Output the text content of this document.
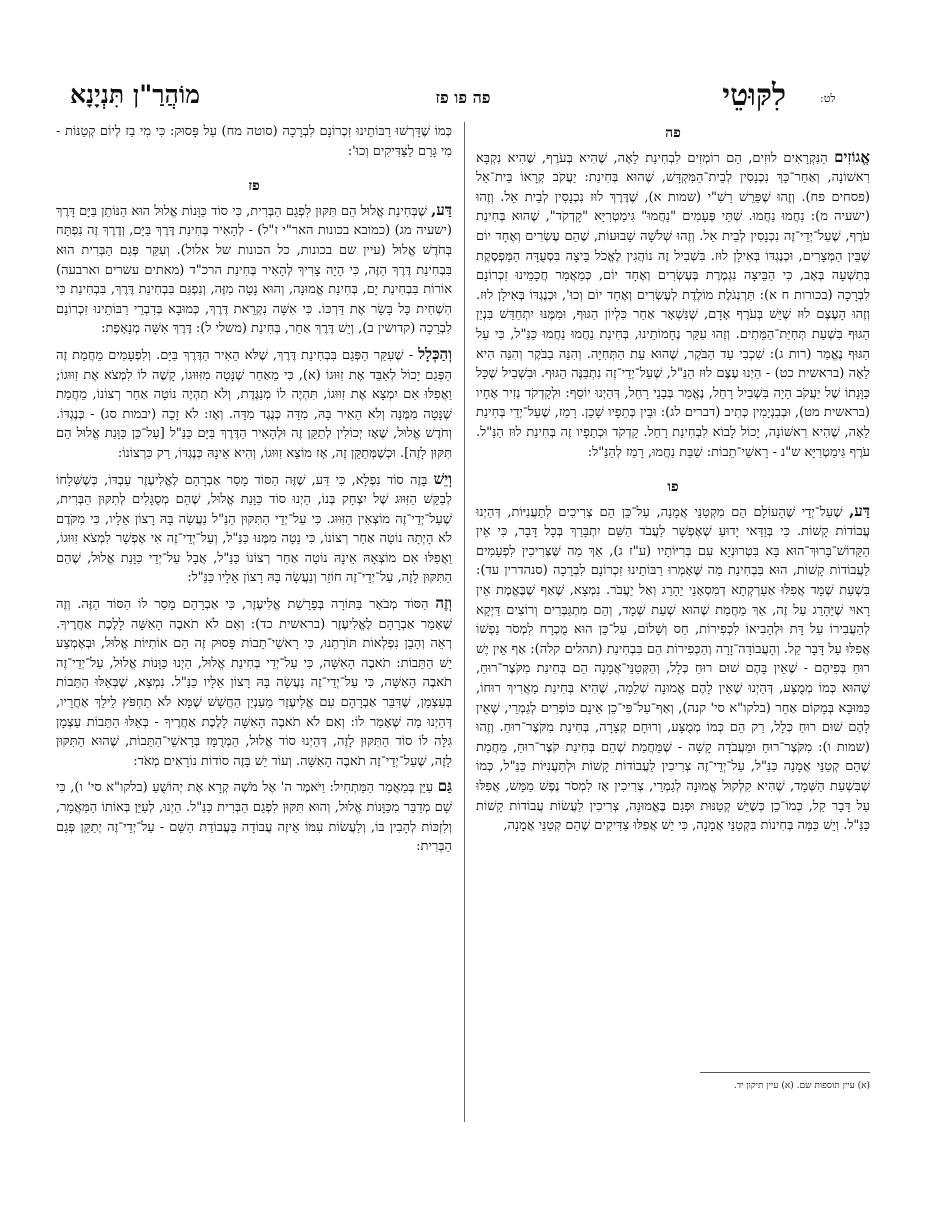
לִקּוּטֵי
פה פו פז
מוֹהֲרַ"ן תִּנְיָנָא	לט:
פה

אֱגוֹזִים הַנִּקְרָאִים לוּזִים, הֵם רוֹמְזִים לִבְחִינַת לֵאָה, שֶׁהִיא בְּעֹרֶף, שֶׁהִיא נִקְבָּא רִאשׁוֹנָה, וְאַחַר־כָּךְ נִכְנָסִין לְבֵית־הַמִּקְדָּשׁ, שֶׁהוּא בְּחִינַת: יַעֲקֹב קְרָאוֹ בֵּית־אֵל (פסחים פח). וְזֶהוּ שֶׁפֵּרֵשׁ רַשִׁ"י (שמות א), שֶׁדֶּרֶךְ לוּז נִכְנָסִין לְבֵית אֵל. וְזֶהוּ (ישעיה מ): נַחֲמוּ נַחֲמוּ. שְׁתֵּי פְּעָמִים "נַחֲמוּ" גִּימַטְרִיָּא "קָדְקֹד", שֶׁהוּא בְּחִינַת עֹרֶף, שֶׁעַל־יְדֵי־זֶה נִכְנָסִין לְבֵית אֵל. וְזֶהוּ שְׁלֹשָׁה שָׁבוּעוֹת, שֶׁהֵם עֶשְׂרִים וְאֶחָד יוֹם שֶׁבֵּין הַמְּצָרִים, וּכְנֶגְדּוֹ בְּאִילָן לוּז. בִּשְׁבִיל זֶה נוֹהֲגִין לֶאֱכֹל בֵּיצָה בִּסְעֻדָּה הַמַּפְסֶקֶת בְּתִשְׁעָה בְּאָב, כִּי הַבֵּיצָה נִגְמֶרֶת בְּעֶשְׂרִים וְאֶחָד יוֹם, כְּמַאֲמַר חֲכָמֵינוּ זִכְרוֹנָם לִבְרָכָה (בכורות ח א): תַּרְנְגֹלֶת מוֹלֶדֶת לְעֶשְׂרִים וְאֶחָד יוֹם וְכוּ', וּכְנֶגְדּוֹ בְּאִילָן לוּז. וְזֶהוּ הָעֶצֶם לוּז שֶׁיֵּשׁ בְּעֹרֶף אָדָם, שֶׁנִּשְׁאָר אַחַר כִּלְיוֹן הַגּוּף, וּמִמֶּנּוּ יִתְחַדֵּשׁ בִּנְיַן הַגּוּף בִּשְׁעַת תְּחִיַּת־הַמֵּתִים. וְזֶהוּ עִקַּר נֶחָמוֹתֵינוּ, בְּחִינַת נַחֲמוּ נַחֲמוּ כַּנַּ"ל, כִּי עַל הַגּוּף נֶאֱמַר (רות ג): שִׁכְבִי עַד הַבֹּקֶר, שֶׁהוּא עֵת הַתְּחִיָּה. וְהִנֵּה בַבֹּקֶר וְהִנֵּה הִיא לֵאָה (בראשית כט) - הַיְנוּ עֶצֶם לוּז הַנַּ"ל, שֶׁעַל־יְדֵי־זֶה נִתְבַּנֶּה הַגּוּף. וּבִשְׁבִיל שֶׁכָּל כַּוָּנָתוֹ שֶׁל יַעֲקֹב הָיָה בִּשְׁבִיל רָחֵל, נֶאֱמַר בְּבָנֵי רָחֵל, דְּהַיְנוּ יוֹסֵף: וּלְקָדְקֹד נְזִיר אֶחָיו (בראשית מט), וּבְבִנְיָמִין כְּתִיב (דברים לג): וּבֵין כְּתֵפָיו שָׁכֵן. רָמַז, שֶׁעַל־יְדֵי בְּחִינַת לֵאָה, שֶׁהִיא רִאשׁוֹנָה, יָכוֹל לָבוֹא לִבְחִינַת רָחֵל. קָדְקֹד וּכְתֵפָיו זֶה בְּחִינַת לוּז הַנַּ"ל. עֹרֶף גִּימַטְרִיָּא ש"נ - רָאשֵׁי־תֵבוֹת: שַׁבַּת נַחֲמוּ, רָמַז לְהַנַּ"ל:

פו

דַּע, שֶׁעַל־יְדֵי שֶׁהָעוֹלָם הֵם מִקְטַנֵּי אֲמָנָה, עַל־כֵּן הֵם צְרִיכִים לְתַעֲנִיּוֹת, דְּהַיְנוּ עֲבוֹדוֹת קָשׁוֹת. כִּי בְּוַדַּאי יָדוּעַ שֶׁאֶפְשָׁר לַעֲבֹד הַשֵּׁם יִתְבָּרַךְ בְּכָל דָּבָר, כִּי אֵין הַקָּדוֹשׁ־בָּרוּךְ־הוּא בָּא בִּטְרוּנְיָא עִם בְּרִיּוֹתָיו (ע"ז ג), אַךְ מַה שֶּׁצְּרִיכִין לִפְעָמִים לַעֲבוֹדוֹת קָשׁוֹת, הוּא בִּבְחִינַת מַה שֶּׁאָמְרוּ רַבּוֹתֵינוּ זִכְרוֹנָם לִבְרָכָה (סנהדרין עד): בִּשְׁעַת שְׁמָד אֲפִלּוּ אַעַרְקְתָא דְמִסְאָנֵי יֵהָרֵג וְאַל יַעֲבֹר. נִמְצָא, שֶׁאַף שֶׁבֶּאֱמֶת אֵין רָאוּי שֶׁיֵּהָרֵג עַל זֶה, אַךְ מֵחֲמַת שֶׁהוּא שְׁעַת שְׁמָד, וְהֵם מִתְגַּבְּרִים וְרוֹצִים דַּיְקָא לְהַעֲבִירוֹ עַל דָּת וּלְהָבִיאוֹ לִכְפִירוֹת, חַס וְשָׁלוֹם, עַל־כֵּן הוּא מֻכְרָח לִמְסֹר נַפְשׁוֹ אֲפִלּוּ עַל דָּבָר קַל. וְהָעֲבוֹדָה־זָרָה וְהַכְּפִירוֹת הֵם בִּבְחִינַת (תהלים קלה): אַף אֵין יֶשׁ רוּחַ בְּפִיהֶם - שֶׁאֵין בָּהֶם שׁוּם רוּחַ כְּלָל, וְהַקְּטַנֵּי־אֲמָנָה הֵם בְּחִינַת מִקֹּצֶר־רוּחַ, שֶׁהוּא כְּמוֹ מְמֻצָּע, דְּהַיְנוּ שֶׁאֵין לָהֶם אֱמוּנָה שְׁלֵמָה, שֶׁהִיא בְּחִינַת מַאֲרִיךְ רוּחוֹ, כַּמּוּבָא בְּמָקוֹם אַחֵר (בלקו"א סי' קנה), וְאַף־עַל־פִּי־כֵן אֵינָם כּוֹפְרִים לְגַמְרֵי, שֶׁאֵין לָהֶם שׁוּם רוּחַ כְּלָל, רַק הֵם כְּמוֹ מְמֻצָּע, וְרוּחָם קְצָרָה, בְּחִינַת מִקֹּצֶר־רוּחַ. וְזֶהוּ (שמות ו): מִקֹּצֶר־רוּחַ וּמֵעֲבֹדָה קָשָׁה - שֶׁמֵּחֲמַת שֶׁהֵם בְּחִינַת קֹצֶר־רוּחַ, מֵחֲמַת שֶׁהֵם קְטַנֵּי אֲמָנָה כַּנַּ"ל, עַל־יְדֵי־זֶה צְרִיכִין לַעֲבוֹדוֹת קָשׁוֹת וּלְתַעֲנִיּוֹת כַּנַּ"ל, כְּמוֹ שֶׁבִּשְׁעַת הַשְּׁמָד, שֶׁהִיא קִלְקוּל אֱמוּנָה לְגַמְרֵי, צְרִיכִין אָז לִמְסֹר נֶפֶשׁ מַמָּשׁ, אֲפִלּוּ עַל דָּבָר קַל, כְּמוֹ־כֵן כְּשֶׁיֵּשׁ קְטַנּוּת וּפְגַם בֶּאֱמוּנָה, צְרִיכִין לַעֲשׂוֹת עֲבוֹדוֹת קָשׁוֹת כַּנַּ"ל. וְיֵשׁ כַּמָּה בְּחִינוֹת בִּקְטַנֵּי אֲמָנָה, כִּי יֵשׁ אֲפִלּוּ צַדִּיקִים שֶׁהֵם קְטַנֵּי אֲמָנָה,

כְּמוֹ שֶׁדָּרְשׁוּ רַבּוֹתֵינוּ זִכְרוֹנָם לִבְרָכָה (סוטה מח) עַל פָּסוּק: כִּי מִי בַז לְיוֹם קְטַנּוֹת - מִי גָּרַם לַצַּדִּיקִים וְכוּ':

פז

דַּע, שֶׁבְּחִינַת אֱלוּל הֵם תִּקּוּן לִפְגַם הַבְּרִית, כִּי סוֹד כַּוָּנוֹת אֱלוּל הוּא הַנּוֹתֵן בַּיָּם דָּרֶךְ (ישעיה מג) (כמובא בכונות האר"י ז"ל) - לְהָאִיר בְּחִינַת דֶּרֶךְ בַּיָּם, וְדֶרֶךְ זֶה נִפְתָּח בְּחֹדֶשׁ אֱלוּל (עיין שם בכונות, כל הכונות של אלול). וְעִקַּר פְּגַם הַבְּרִית הוּא בִּבְחִינַת דֶּרֶךְ הַזֶּה, כִּי הָיָה צָרִיךְ לְהָאִיר בְּחִינַת הרכ"ד (מאתים עשרים וארבעה) אוֹרוֹת בִּבְחִינַת יָם, בְּחִינַת אֱמוּנָה, וְהוּא נָטָה מִזֶּה, וְנִפְגַּם בִּבְחִינַת דֶּרֶךְ, בִּבְחִינַת כִּי הִשְׁחִית כָּל בָּשָׂר אֶת דַּרְכּוֹ. כִּי אִשָּׁה נִקְרֵאת דֶּרֶךְ, כְּמוּבָא בְּדִבְרֵי רַבּוֹתֵינוּ זִכְרוֹנָם לִבְרָכָה (קדושין ב), וְיֵשׁ דֶּרֶךְ אַחֵר, בְּחִינַת (משלי ל): דֶּרֶךְ אִשָּׁה מְנָאָפֶת:

וְהַכְּלָל - שֶׁעִקַּר הַפְּגַם בִּבְחִינַת דֶּרֶךְ, שֶׁלֹּא הֵאִיר הַדֶּרֶךְ בַּיָּם. וְלִפְעָמִים מֵחֲמַת זֶה הַפְּגַם יָכוֹל לְאַבֵּד אֶת זִוּוּגוֹ (א), כִּי מֵאַחַר שֶׁנָּטָה מִזִּוּוּגוֹ, קָשֶׁה לוֹ לִמְצֹא אֶת זִוּוּגוֹ; וַאֲפִלּוּ אִם יִמְצָא אֶת זִוּוּגוֹ, תִּהְיֶה לוֹ מְנַגֶּדֶת, וְלֹא תִהְיֶה נוֹטָה אַחַר רְצוֹנוֹ, מֵחֲמַת שֶׁנָּטָה מִמֶּנָּה וְלֹא הֵאִיר בָּהּ, מִדָּה כְּנֶגֶד מִדָּה. וְאָז: לֹא זָכָה (יבמות סג) - כְּנֶגְדּוֹ. וְחֹדֶשׁ אֱלוּל, שֶׁאָז יְכוֹלִין לְתַקֵּן זֶה וּלְהָאִיר הַדֶּרֶךְ בַּיָּם כַּנַּ"ל [עַל־כֵּן כַּוָּנַת אֱלוּל הֵם תִּקּוּן לָזֶה]. וּכְשֶׁמְּתַקֵּן זֶה, אָז מוֹצֵא זִוּוּגוֹ, וְהִיא אֵינָהּ כְּנֶגְדּוֹ, רַק כִּרְצוֹנוֹ:

וְיֵשׁ בָּזֶה סוֹד נִפְלָא, כִּי דַּע, שֶׁזֶּה הַסּוֹד מָסַר אַבְרָהָם לֶאֱלִיעֶזֶר עַבְדּוֹ, כְּשֶׁשְּׁלָחוֹ לְבַקֵּשׁ הַזִּוּוּג שֶׁל יִצְחָק בְּנוֹ, הַיְנוּ סוֹד כַּוָּנַת אֱלוּל, שֶׁהֵם מְסֻגָּלִים לְתִקּוּן הַבְּרִית, שֶׁעַל־יְדֵי־זֶה מוֹצְאִין הַזִּוּוּג. כִּי עַל־יְדֵי הַתִּקּוּן הַנַּ"ל נַעֲשָׂה בָּהּ רָצוֹן אֵלָיו, כִּי מִקֹּדֶם לֹא הָיְתָה נוֹטָה אַחַר רְצוֹנוֹ, כִּי נָטָה מִמֶּנּוּ כַּנַּ"ל, וְעַל־יְדֵי־זֶה אִי אֶפְשָׁר לִמְצֹא זִוּוּגוֹ, וַאֲפִלּוּ אִם מוֹצְאָהּ אֵינָהּ נוֹטָה אַחַר רְצוֹנוֹ כַּנַּ"ל, אֲבָל עַל־יְדֵי כַּוָּנַת אֱלוּל, שֶׁהֵם הַתִּקּוּן לָזֶה, עַל־יְדֵי־זֶה חוֹזֵר וְנַעֲשָׂה בָּהּ רָצוֹן אֵלָיו כַּנַּ"ל:

וְזֶה הַסּוֹד מְבֹאָר בַּתּוֹרָה בְּפָרָשַׁת אֱלִיעֶזֶר, כִּי אַבְרָהָם מָסַר לוֹ הַסּוֹד הַזֶּה. וְזֶה שֶׁאָמַר אַבְרָהָם לֶאֱלִיעֶזֶר (בראשית כד): וְאִם לֹא תֹאבֶה הָאִשָּׁה לָלֶכֶת אַחֲרֶיךָ. רְאֵה וְהָבֵן נִפְלְאוֹת תּוֹרָתֵנוּ, כִּי רָאשֵׁי־תֵבוֹת פָּסוּק זֶה הֵם אוֹתִיּוֹת אֱלוּל, וּבְאֶמְצַע יֵשׁ הַתֵּבוֹת: תֹאבֶה הָאִשָּׁה, כִּי עַל־יְדֵי בְּחִינַת אֱלוּל, הַיְנוּ כַּוָּנוֹת אֱלוּל, עַל־יְדֵי־זֶה תֹאבֶה הָאִשָּׁה, כִּי עַל־יְדֵי־זֶה נַעֲשָׂה בָּהּ רָצוֹן אֵלָיו כַּנַּ"ל. נִמְצָא, שֶׁבְּאֵלּוּ הַתֵּבוֹת בְּעַצְמָן, שֶׁדִּבֵּר אַבְרָהָם עִם אֱלִיעֶזֶר מֵעִנְיַן הַחֲשָׁשׁ שֶׁמָּא לֹא תַחְפֹּץ לֵילֵךְ אַחֲרָיו, דְּהַיְנוּ מַה שֶּׁאָמַר לוֹ: וְאִם לֹא תֹאבֶה הָאִשָּׁה לָלֶכֶת אַחֲרֶיךָ - בְּאֵלּוּ הַתֵּבוֹת עַצְמָן גִּלָּה לוֹ סוֹד הַתִּקּוּן לָזֶה, דְּהַיְנוּ סוֹד אֱלוּל, הַמְרֻמָּז בְּרָאשֵׁי־הַתֵּבוֹת, שֶׁהוּא הַתִּקּוּן לָזֶה, שֶׁעַל־יְדֵי־זֶה תֹאבֶה הָאִשָּׁה. וְעוֹד יֵשׁ בָּזֶה סוֹדוֹת נוֹרָאִים מְאֹד:

גַּם עַיֵּן בְּמַאֲמַר הַמַּתְחִיל: וַיֹּאמֶר ה' אֶל מֹשֶׁה קְרָא אֶת יְהוֹשֻׁעַ (בלקו"א סי' ו), כִּי שָׁם מְדַבֵּר מִכַּוָּנוֹת אֱלוּל, וְהוּא תִּקּוּן לִפְגַם הַבְּרִית כַּנַּ"ל. הַיְנוּ, לְעַיֵּן בְּאוֹתוֹ הַמַּאֲמָר, וְלִזְכּוֹת לְהָבִין בּוֹ, וְלַעֲשׂוֹת עִמּוֹ אֵיזֶה עֲבוֹדָה בַּעֲבוֹדַת הַשֵּׁם - עַל־יְדֵי־זֶה יְתַקֵּן פְּגַם הַבְּרִית:

(א) עיין תוספות שם. (א) עיין תיקון יד.
